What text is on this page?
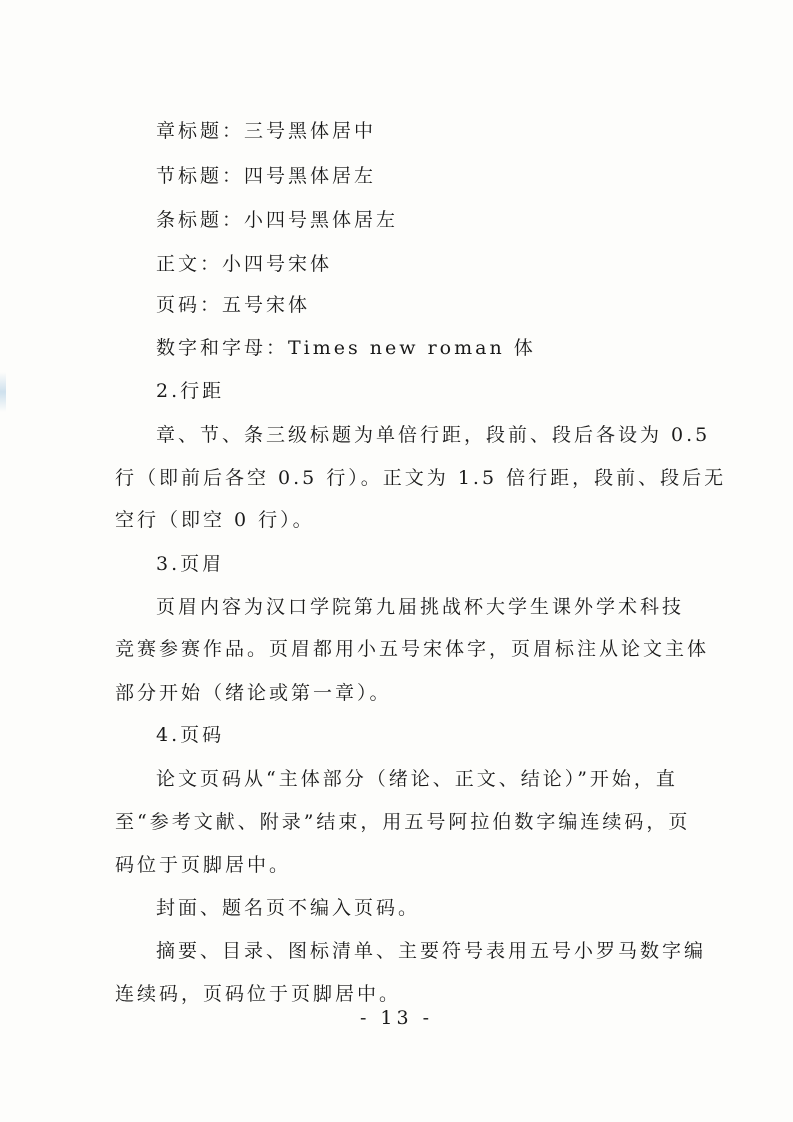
章标题：三号黑体居中
节标题：四号黑体居左
条标题：小四号黑体居左
正文：小四号宋体
页码：五号宋体
数字和字母：Times new roman 体
2.行距
章、节、条三级标题为单倍行距，段前、段后各设为 0.5
行（即前后各空 0.5 行）。正文为 1.5 倍行距，段前、段后无
空行（即空 0 行）。
3.页眉
页眉内容为汉口学院第九届挑战杯大学生课外学术科技
竞赛参赛作品。页眉都用小五号宋体字，页眉标注从论文主体
部分开始（绪论或第一章）。
4.页码
论文页码从“主体部分（绪论、正文、结论）”开始，直
至“参考文献、附录”结束，用五号阿拉伯数字编连续码，页
码位于页脚居中。
封面、题名页不编入页码。
摘要、目录、图标清单、主要符号表用五号小罗马数字编
连续码，页码位于页脚居中。
- 13 -
